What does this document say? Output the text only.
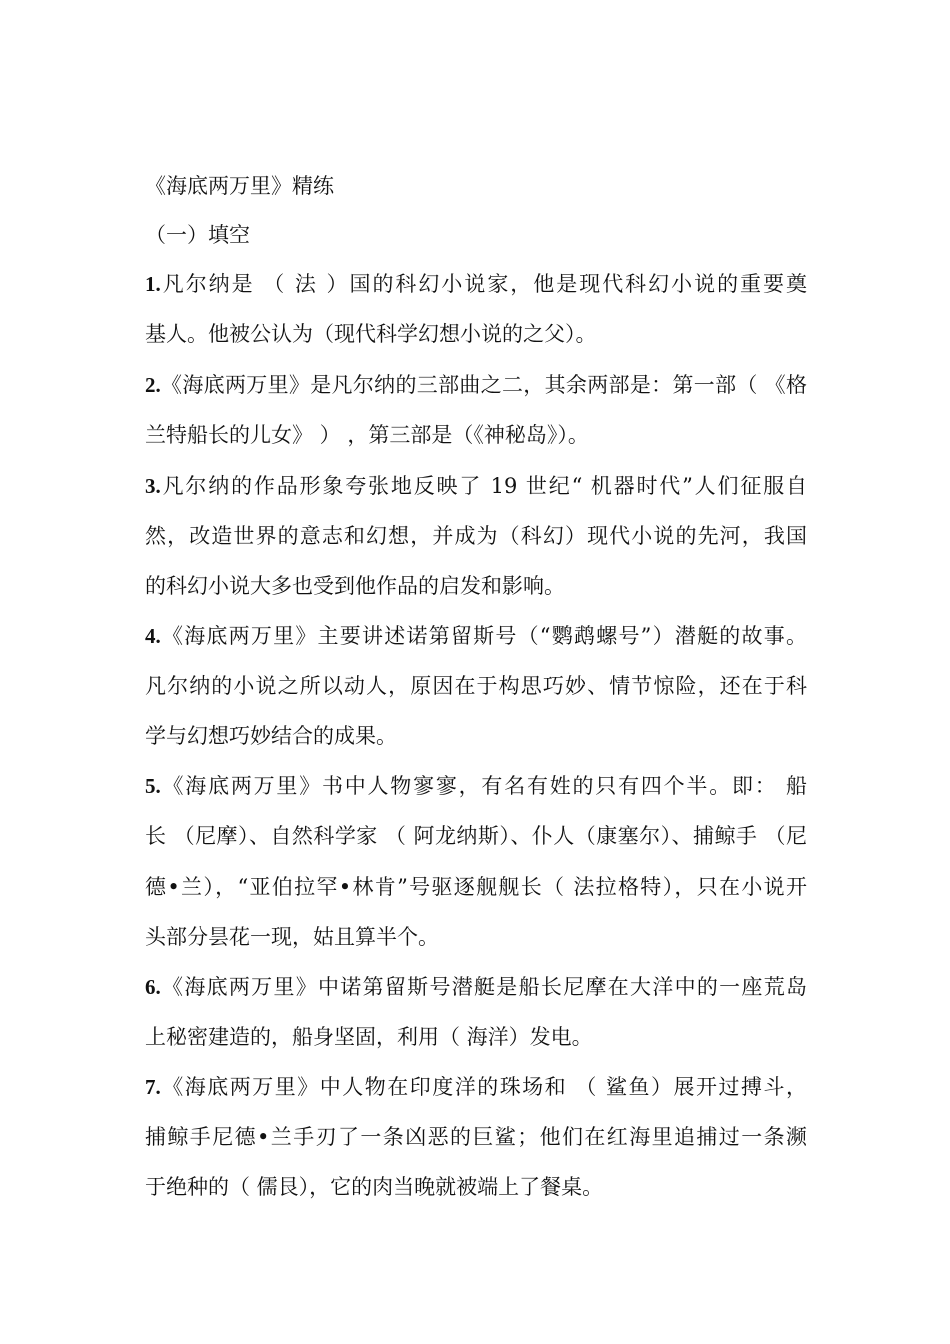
《海底两万里》精练
（一）填空
1.凡尔纳是 （ 法 ）国的科幻小说家，他是现代科幻小说的重要奠
基人。他被公认为（现代科学幻想小说的之父）。
2.《海底两万里》是凡尔纳的三部曲之二，其余两部是：第一部（ 《格
兰特船长的儿女》 ） ，第三部是（《神秘岛》）。
3.凡尔纳的作品形象夸张地反映了 19 世纪“ 机器时代”人们征服自
然，改造世界的意志和幻想，并成为（科幻）现代小说的先河，我国
的科幻小说大多也受到他作品的启发和影响。
4.《海底两万里》主要讲述诺第留斯号（“鹦鹉螺号”）潜艇的故事。
凡尔纳的小说之所以动人，原因在于构思巧妙、情节惊险，还在于科
学与幻想巧妙结合的成果。
5.《海底两万里》书中人物寥寥，有名有姓的只有四个半。即： 船
长 （尼摩）、自然科学家 （ 阿龙纳斯）、仆人（康塞尔）、捕鲸手 （尼
德•兰），“亚伯拉罕•林肯”号驱逐舰舰长（ 法拉格特），只在小说开
头部分昙花一现，姑且算半个。
6.《海底两万里》中诺第留斯号潜艇是船长尼摩在大洋中的一座荒岛
上秘密建造的，船身坚固，利用（ 海洋）发电。
7.《海底两万里》中人物在印度洋的珠场和 （ 鲨鱼）展开过搏斗，
捕鲸手尼德•兰手刃了一条凶恶的巨鲨；他们在红海里追捕过一条濒
于绝种的（ 儒艮），它的肉当晚就被端上了餐桌。
